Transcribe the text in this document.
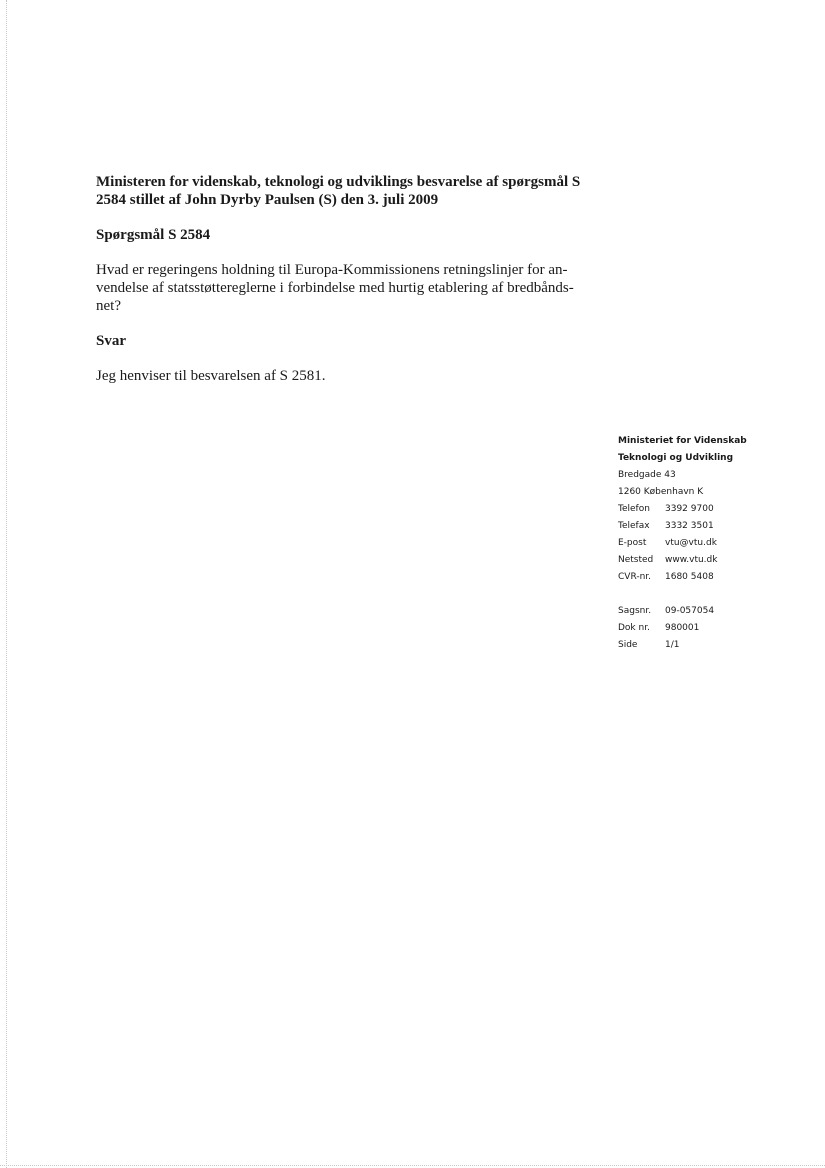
Ministeren for videnskab, teknologi og udviklings besvarelse af spørgsmål S
2584 stillet af John Dyrby Paulsen (S) den 3. juli 2009

Spørgsmål S 2584

Hvad er regeringens holdning til Europa-Kommissionens retningslinjer for an-
vendelse af statsstøttereglerne i forbindelse med hurtig etablering af bredbånds-
net?

Svar

Jeg henviser til besvarelsen af S 2581.

Ministeriet for Videnskab
Teknologi og Udvikling
Bredgade 43
1260 København K
Telefon	3392 9700
Telefax	3332 3501
E-post	vtu@vtu.dk
Netsted	www.vtu.dk
CVR-nr.	1680 5408
Sagsnr.	09-057054
Dok nr.	980001
Side	1/1
